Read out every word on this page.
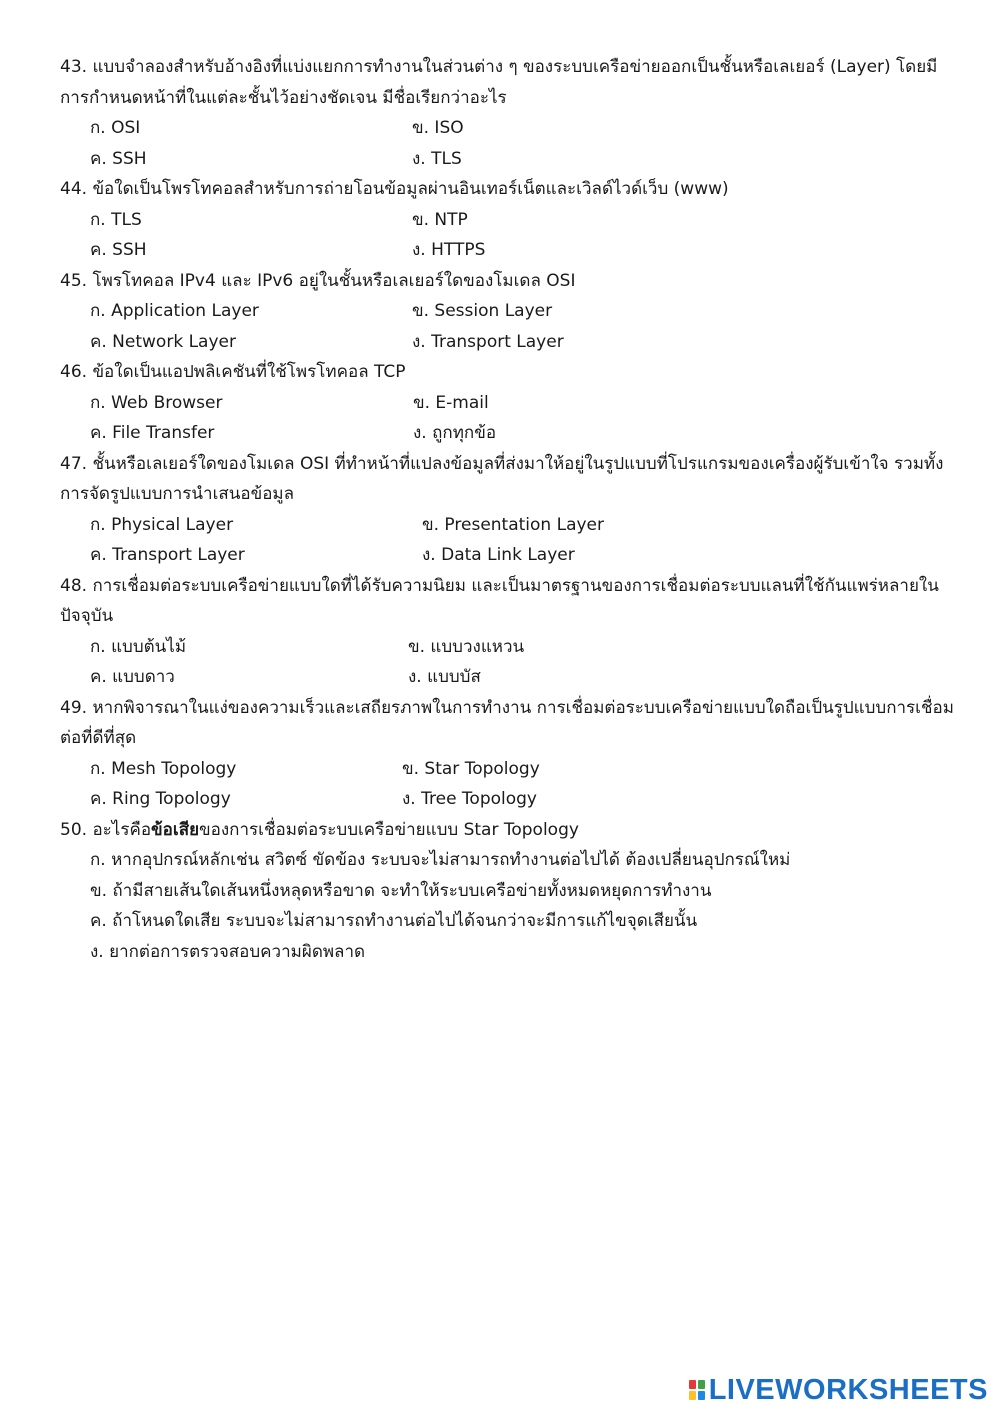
43. แบบจำลองสำหรับอ้างอิงที่แบ่งแยกการทำงานในส่วนต่าง ๆ ของระบบเครือข่ายออกเป็นชั้นหรือเลเยอร์ (Layer) โดยมีการกำหนดหน้าที่ในแต่ละชั้นไว้อย่างชัดเจน มีชื่อเรียกว่าอะไร

ก. OSI	ข. ISO
ค. SSH	ง. TLS

44. ข้อใดเป็นโพรโทคอลสำหรับการถ่ายโอนข้อมูลผ่านอินเทอร์เน็ตและเวิลด์ไวด์เว็บ (www)

ก. TLS	ข. NTP
ค. SSH	ง. HTTPS

45. โพรโทคอล IPv4 และ IPv6 อยู่ในชั้นหรือเลเยอร์ใดของโมเดล OSI

ก. Application Layer	ข. Session Layer
ค. Network Layer	ง. Transport Layer

46. ข้อใดเป็นแอปพลิเคชันที่ใช้โพรโทคอล TCP

ก. Web Browser	ข. E-mail
ค. File Transfer	ง. ถูกทุกข้อ

47. ชั้นหรือเลเยอร์ใดของโมเดล OSI ที่ทำหน้าที่แปลงข้อมูลที่ส่งมาให้อยู่ในรูปแบบที่โปรแกรมของเครื่องผู้รับเข้าใจ รวมทั้งการจัดรูปแบบการนำเสนอข้อมูล

ก. Physical Layer	ข. Presentation Layer
ค. Transport Layer	ง. Data Link Layer

48. การเชื่อมต่อระบบเครือข่ายแบบใดที่ได้รับความนิยม และเป็นมาตรฐานของการเชื่อมต่อระบบแลนที่ใช้กันแพร่หลายในปัจจุบัน

ก. แบบต้นไม้	ข. แบบวงแหวน
ค. แบบดาว	ง. แบบบัส

49. หากพิจารณาในแง่ของความเร็วและเสถียรภาพในการทำงาน การเชื่อมต่อระบบเครือข่ายแบบใดถือเป็นรูปแบบการเชื่อมต่อที่ดีที่สุด

ก. Mesh Topology	ข. Star Topology
ค. Ring Topology	ง. Tree Topology

50. อะไรคือข้อเสียของการเชื่อมต่อระบบเครือข่ายแบบ Star Topology

ก. หากอุปกรณ์หลักเช่น สวิตซ์ ขัดข้อง ระบบจะไม่สามารถทำงานต่อไปได้ ต้องเปลี่ยนอุปกรณ์ใหม่
ข. ถ้ามีสายเส้นใดเส้นหนึ่งหลุดหรือขาด จะทำให้ระบบเครือข่ายทั้งหมดหยุดการทำงาน
ค. ถ้าโหนดใดเสีย ระบบจะไม่สามารถทำงานต่อไปได้จนกว่าจะมีการแก้ไขจุดเสียนั้น
ง. ยากต่อการตรวจสอบความผิดพลาด
LIVEWORKSHEETS
